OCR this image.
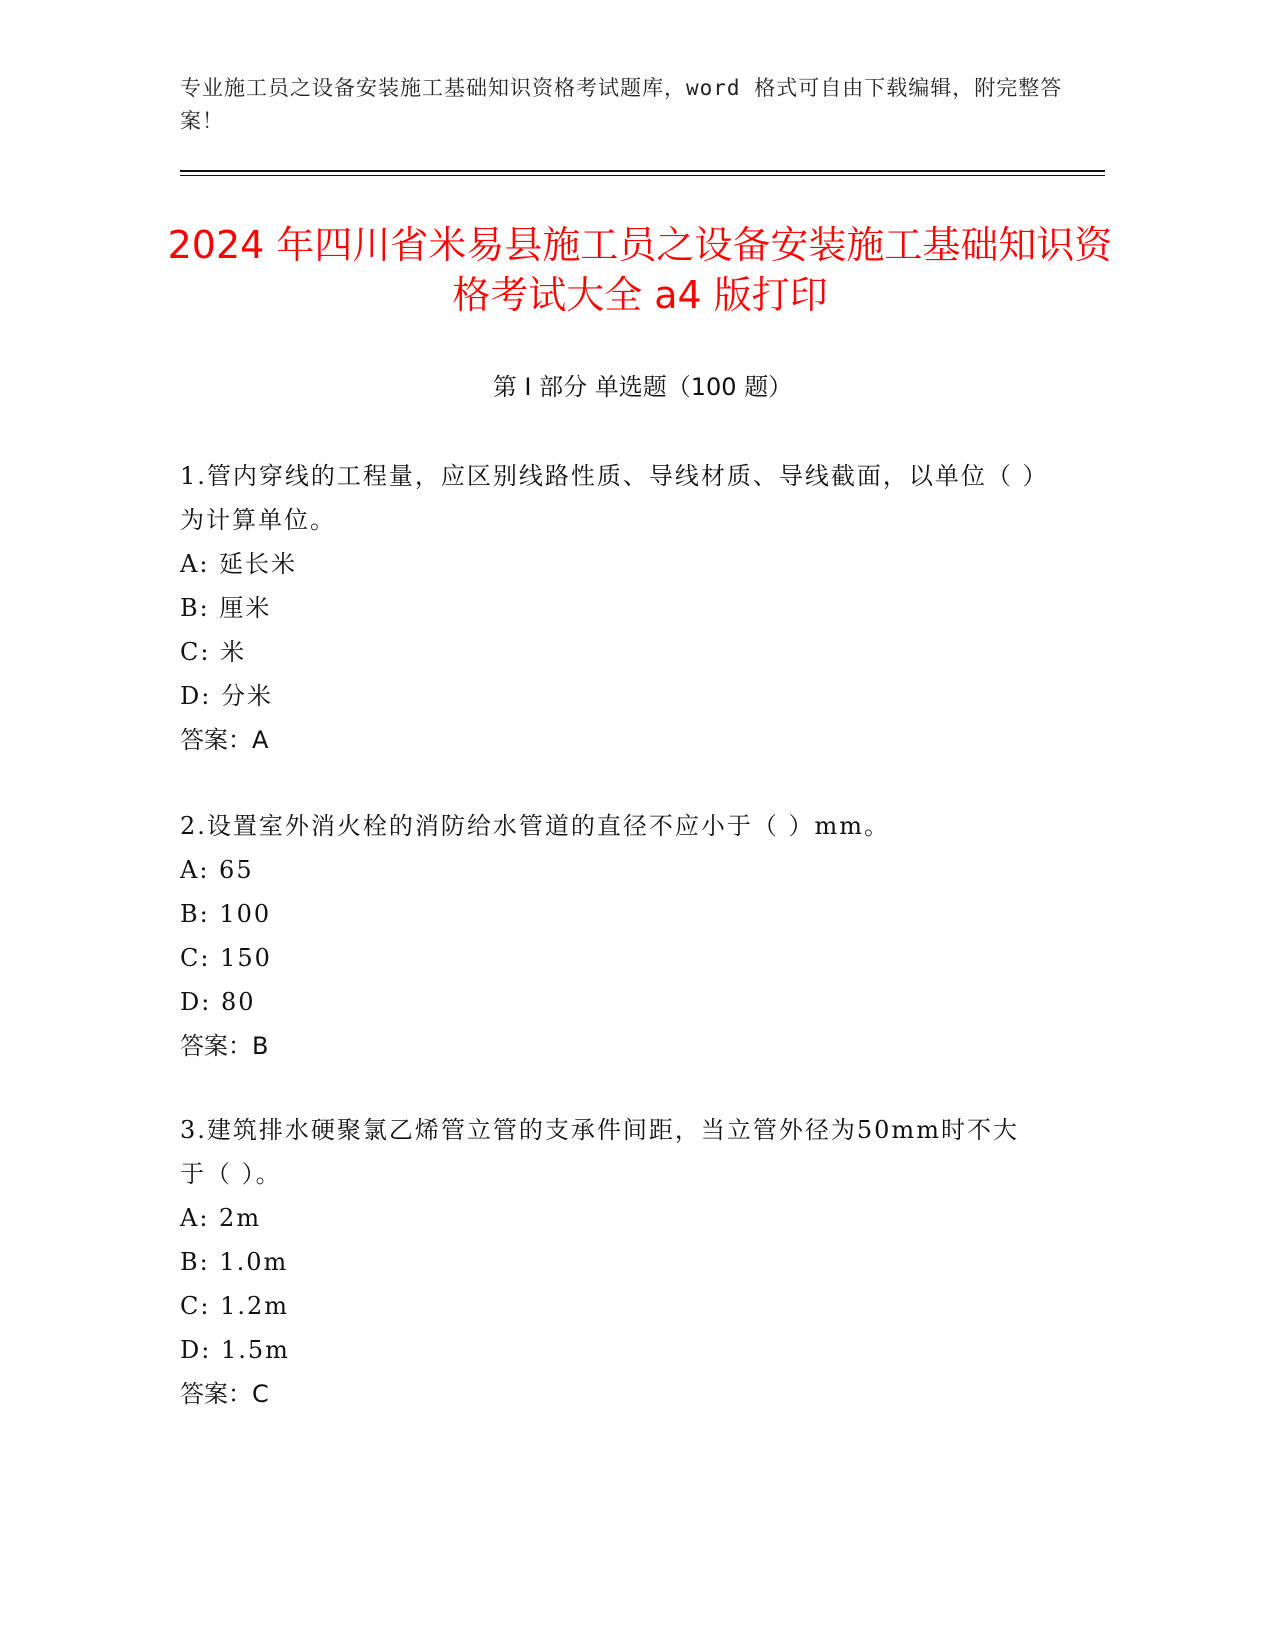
专业施工员之设备安装施工基础知识资格考试题库，word 格式可自由下载编辑，附完整答案！
2024 年四川省米易县施工员之设备安装施工基础知识资格考试大全 a4 版打印
第 I 部分 单选题（100 题）

1.管内穿线的工程量，应区别线路性质、导线材质、导线截面，以单位（ ）为计算单位。

A: 延长米

B: 厘米

C: 米

D: 分米

答案：A

2.设置室外消火栓的消防给水管道的直径不应小于（ ）mm。

A: 65

B: 100

C: 150

D: 80

答案：B

3.建筑排水硬聚氯乙烯管立管的支承件间距，当立管外径为50mm时不大于（ ）。

A: 2m

B: 1.0m

C: 1.2m

D: 1.5m

答案：C
